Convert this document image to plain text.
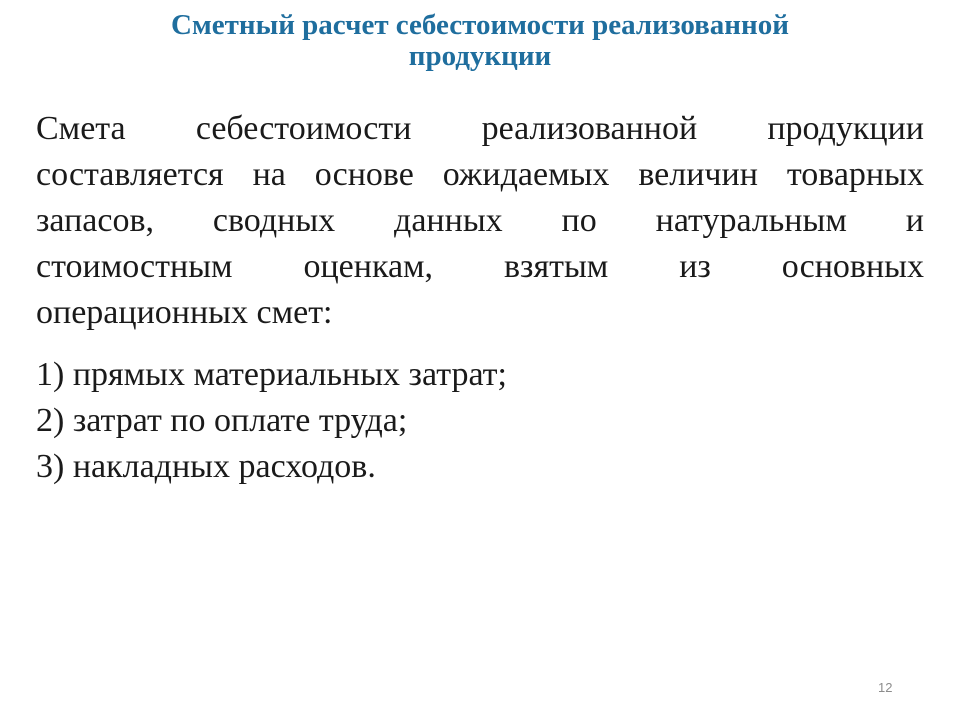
Сметный расчет себестоимости реализованной
продукции
Смета себестоимости реализованной продукции
составляется на основе ожидаемых величин товарных
запасов, сводных данных по натуральным и
стоимостным оценкам, взятым из основных
операционных смет:
1) прямых материальных затрат;
2) затрат по оплате труда;
3) накладных расходов.
12
